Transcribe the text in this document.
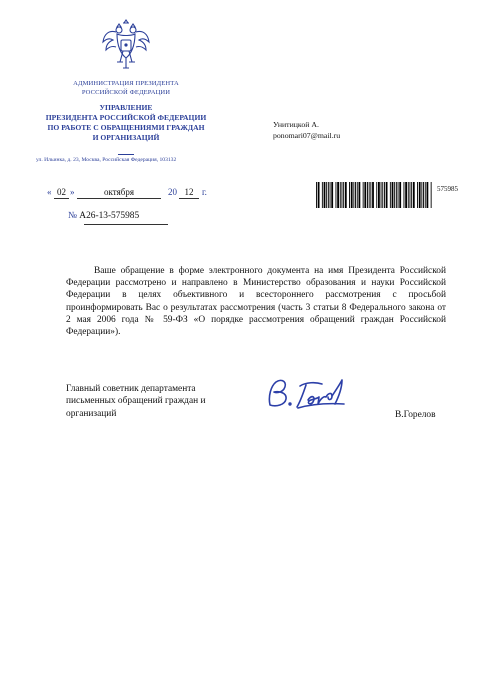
АДМИНИСТРАЦИЯ ПРЕЗИДЕНТА
РОССИЙСКОЙ ФЕДЕРАЦИИ
УПРАВЛЕНИЕ
ПРЕЗИДЕНТА РОССИЙСКОЙ ФЕДЕРАЦИИ
ПО РАБОТЕ С ОБРАЩЕНИЯМИ ГРАЖДАН
И ОРГАНИЗАЦИЙ
ул. Ильинка, д. 23, Москва, Российская Федерация, 103132
Унитицкой А.
ponomari07@mail.ru
« 02 »	октября	20 12 г.
№ А26-13-575985
575985

Ваше обращение в форме электронного документа на имя Президента Российской Федерации рассмотрено и направлено в Министерство образования и науки Российской Федерации в целях объективного и всестороннего рассмотрения с просьбой проинформировать Вас о результатах рассмотрения (часть 3 статьи 8 Федерального закона от 2 мая 2006 года № 59-ФЗ «О порядке рассмотрения обращений граждан Российской Федерации»).

Главный советник департамента
письменных обращений граждан и
организаций	В.Горелов
